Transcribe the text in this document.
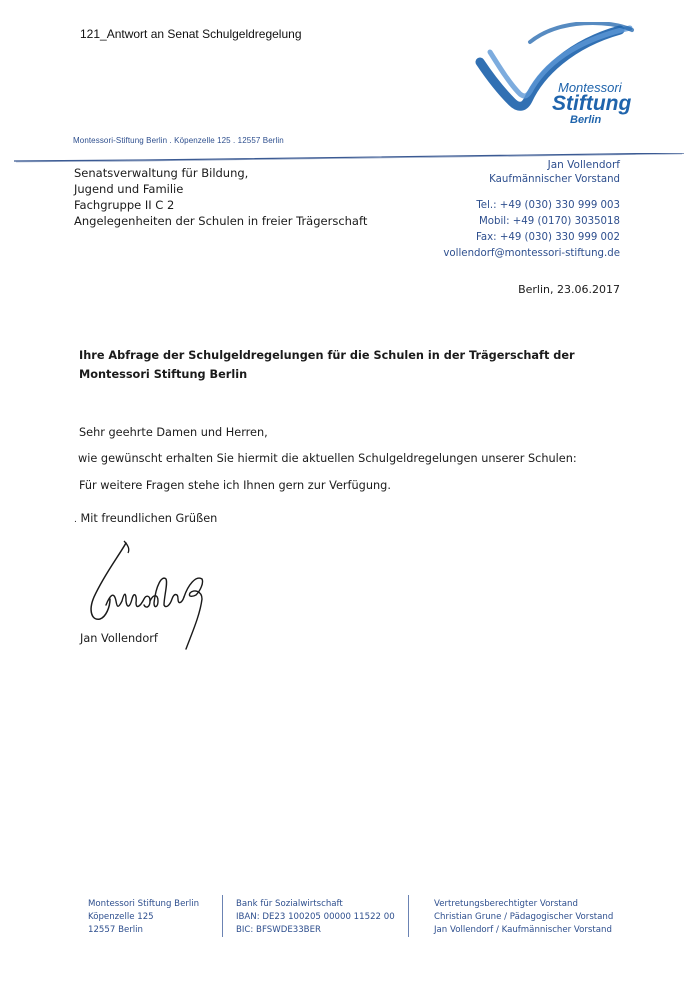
121_Antwort an Senat Schulgeldregelung
Montessori
Stiftung
Berlin
Montessori-Stiftung Berlin . Köpenzelle 125 . 12557 Berlin
Senatsverwaltung für Bildung,
Jugend und Familie
Fachgruppe II C 2
Angelegenheiten der Schulen in freier Trägerschaft
Jan Vollendorf
Kaufmännischer Vorstand
Tel.: +49 (030) 330 999 003
Mobil: +49 (0170) 3035018
Fax: +49 (030) 330 999 002
vollendorf@montessori-stiftung.de
Berlin, 23.06.2017
Ihre Abfrage der Schulgeldregelungen für die Schulen in der Trägerschaft der Montessori Stiftung Berlin
Sehr geehrte Damen und Herren,
wie gewünscht erhalten Sie hiermit die aktuellen Schulgeldregelungen unserer Schulen:
Für weitere Fragen stehe ich Ihnen gern zur Verfügung.
. Mit freundlichen Grüßen
Jan Vollendorf
Montessori Stiftung Berlin
Köpenzelle 125
12557 Berlin
Bank für Sozialwirtschaft
IBAN: DE23 100205 00000 11522 00
BIC: BFSWDE33BER
Vertretungsberechtigter Vorstand
Christian Grune / Pädagogischer Vorstand
Jan Vollendorf / Kaufmännischer Vorstand
